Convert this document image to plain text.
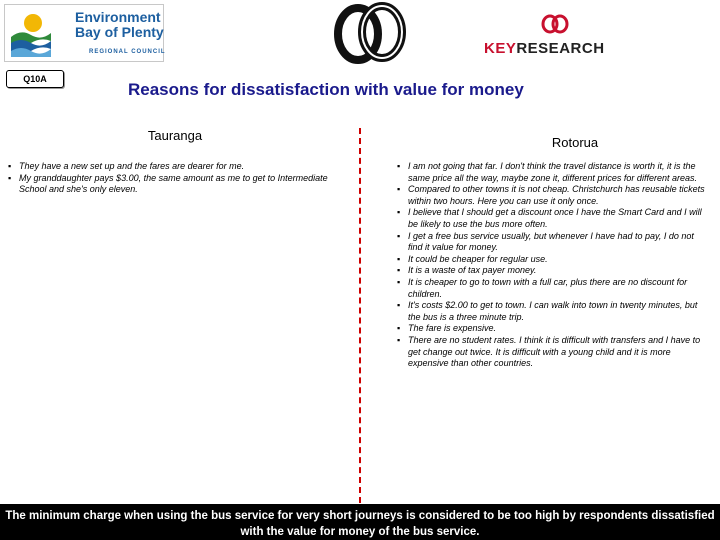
Environment
Bay of Plenty
REGIONAL COUNCIL	KEYRESEARCH
Q10A
Reasons for dissatisfaction with value for money
Tauranga	Rotorua
▪ They have a new set up and the fares are dearer for me.
▪ My granddaughter pays $3.00, the same amount as me to get to Intermediate School and she's only eleven.
▪ I am not going that far. I don't think the travel distance is worth it, it is the same price all the way, maybe zone it, different prices for different areas.
▪ Compared to other towns it is not cheap. Christchurch has reusable tickets within two hours. Here you can use it only once.
▪ I believe that I should get a discount once I have the Smart Card and I will be likely to use the bus more often.
▪ I get a free bus service usually, but whenever I have had to pay, I do not find it value for money.
▪ It could be cheaper for regular use.
▪ It is a waste of tax payer money.
▪ It is cheaper to go to town with a full car, plus there are no discount for children.
▪ It's costs $2.00 to get to town. I can walk into town in twenty minutes, but the bus is a three minute trip.
▪ The fare is expensive.
▪ There are no student rates. I think it is difficult with transfers and I have to get change out twice. It is difficult with a young child and it is more expensive than other countries.
The minimum charge when using the bus service for very short journeys is considered to be too high by respondents dissatisfied with the value for money of the bus service.
